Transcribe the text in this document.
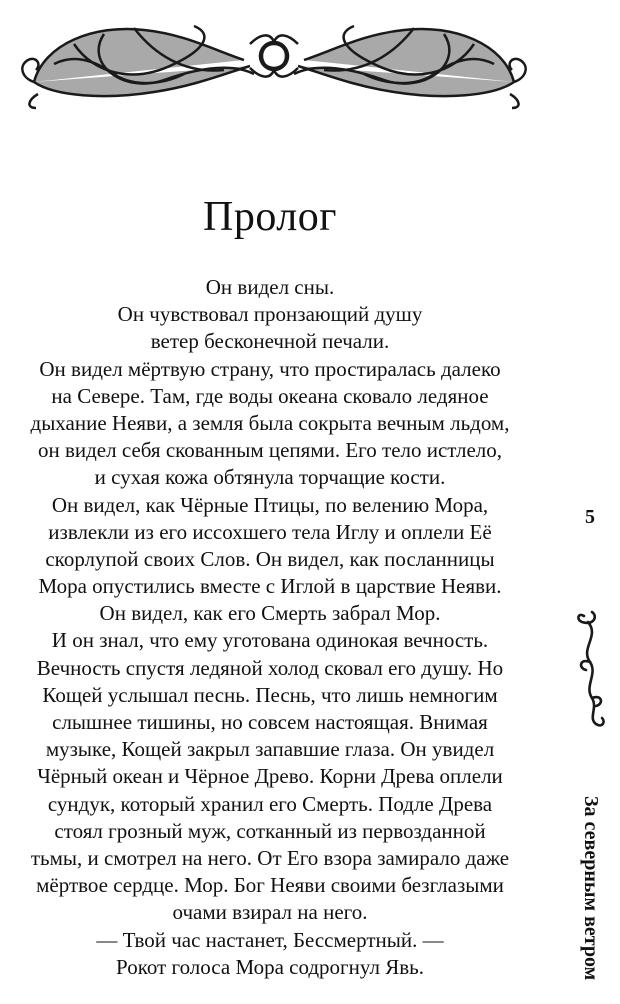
Пролог
Он видел сны.
Он чувствовал пронзающий душу
ветер бесконечной печали.
Он видел мёртвую страну, что простиралась далеко
на Севере. Там, где воды океана сковало ледяное
дыхание Неяви, а земля была сокрыта вечным льдом,
он видел себя скованным цепями. Его тело истлело,
и сухая кожа обтянула торчащие кости.
Он видел, как Чёрные Птицы, по велению Мора,
извлекли из его иссохшего тела Иглу и оплели Её
скорлупой своих Слов. Он видел, как посланницы
Мора опустились вместе с Иглой в царствие Неяви.
Он видел, как его Смерть забрал Мор.
И он знал, что ему уготована одинокая вечность.
Вечность спустя ледяной холод сковал его душу. Но
Кощей услышал песнь. Песнь, что лишь немногим
слышнее тишины, но совсем настоящая. Внимая
музыке, Кощей закрыл запавшие глаза. Он увидел
Чёрный океан и Чёрное Древо. Корни Древа оплели
сундук, который хранил его Смерть. Подле Древа
стоял грозный муж, сотканный из первозданной
тьмы, и смотрел на него. От Его взора замирало даже
мёртвое сердце. Мор. Бог Неяви своими безглазыми
очами взирал на него.
— Твой час настанет, Бессмертный. —
Рокот голоса Мора содрогнул Явь.
5
За северным ветром
